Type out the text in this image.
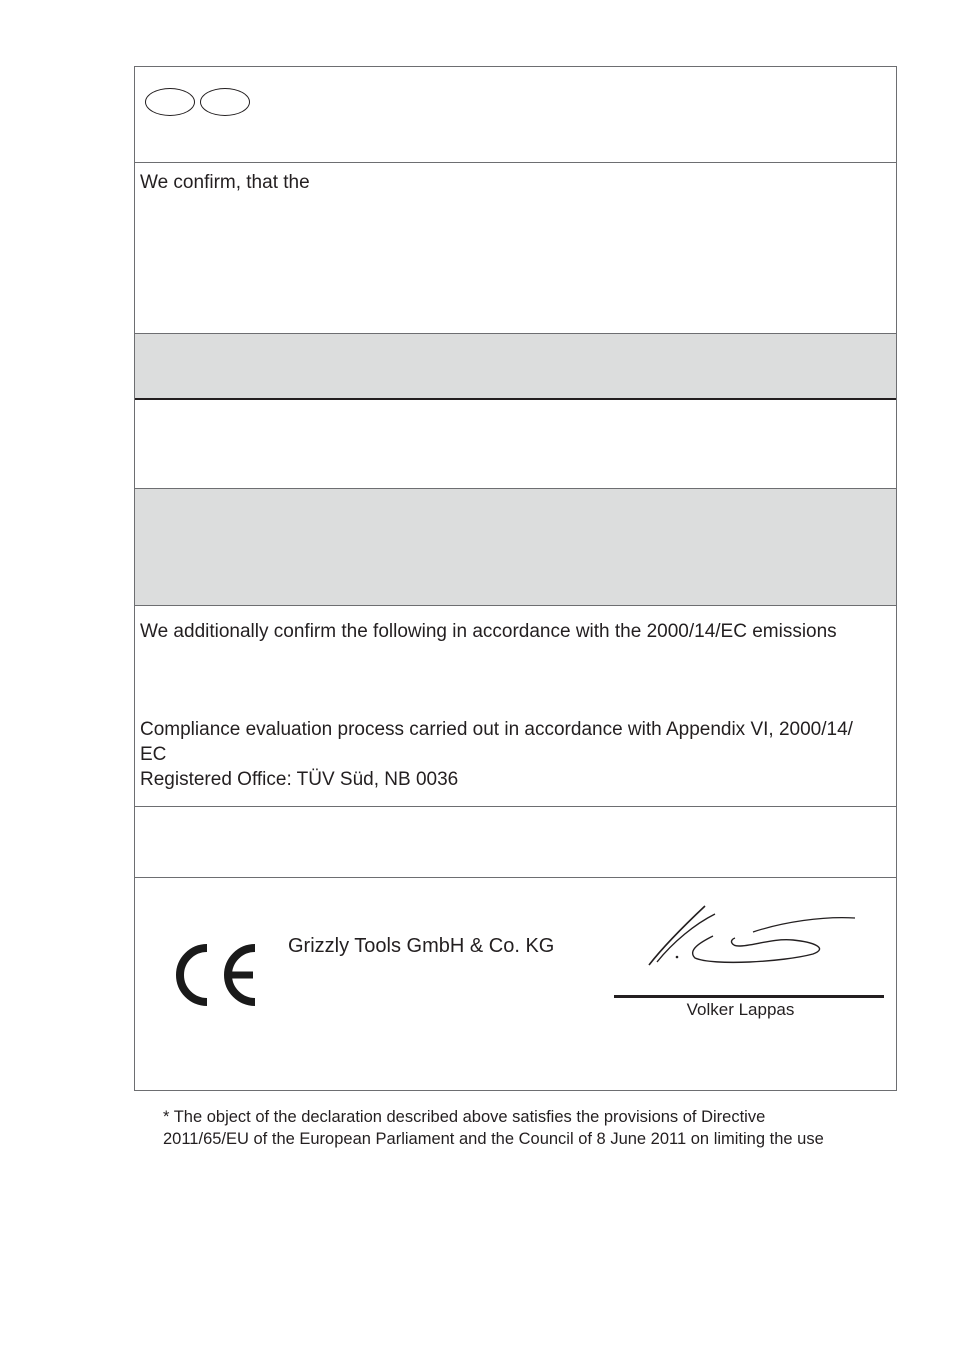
We confirm, that the
We additionally confirm the following in accordance with the 2000/14/EC emissions
Compliance evaluation process carried out in accordance with Appendix VI, 2000/14/
EC
Registered Office: TÜV Süd, NB 0036
Grizzly Tools GmbH & Co. KG
Volker Lappas
* The object of the declaration described above satisfies the provisions of Directive
2011/65/EU of the European Parliament and the Council of 8 June 2011 on limiting the use
